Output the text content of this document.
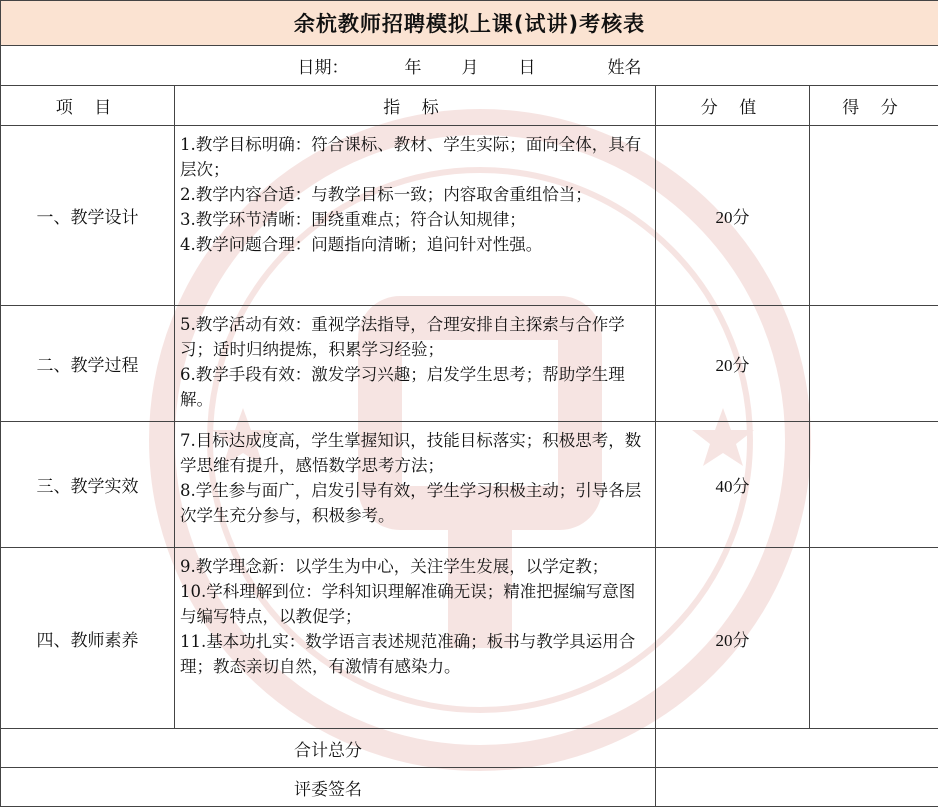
余杭教师招聘模拟上课(试讲)考核表			
日期： 年 月 日 姓名			
项 目	指 标	分 值	得 分
一、教学设计	1.教学目标明确：符合课标、教材、学生实际；面向全体，具有层次；
2.教学内容合适：与教学目标一致；内容取舍重组恰当；
3.教学环节清晰：围绕重难点；符合认知规律；
4.教学问题合理：问题指向清晰；追问针对性强。	20分	
二、教学过程	5.教学活动有效：重视学法指导，合理安排自主探索与合作学习；适时归纳提炼，积累学习经验；
6.教学手段有效：激发学习兴趣；启发学生思考；帮助学生理解。	20分	
三、教学实效	7.目标达成度高，学生掌握知识，技能目标落实；积极思考，数学思维有提升，感悟数学思考方法；
8.学生参与面广，启发引导有效，学生学习积极主动；引导各层次学生充分参与，积极参考。	40分	
四、教师素养	9.教学理念新：以学生为中心，关注学生发展，以学定教；
10.学科理解到位：学科知识理解准确无误；精准把握编写意图与编写特点，以教促学；
11.基本功扎实：数学语言表述规范准确；板书与教学具运用合理；教态亲切自然，有激情有感染力。	20分	
合计总分			
评委签名			
